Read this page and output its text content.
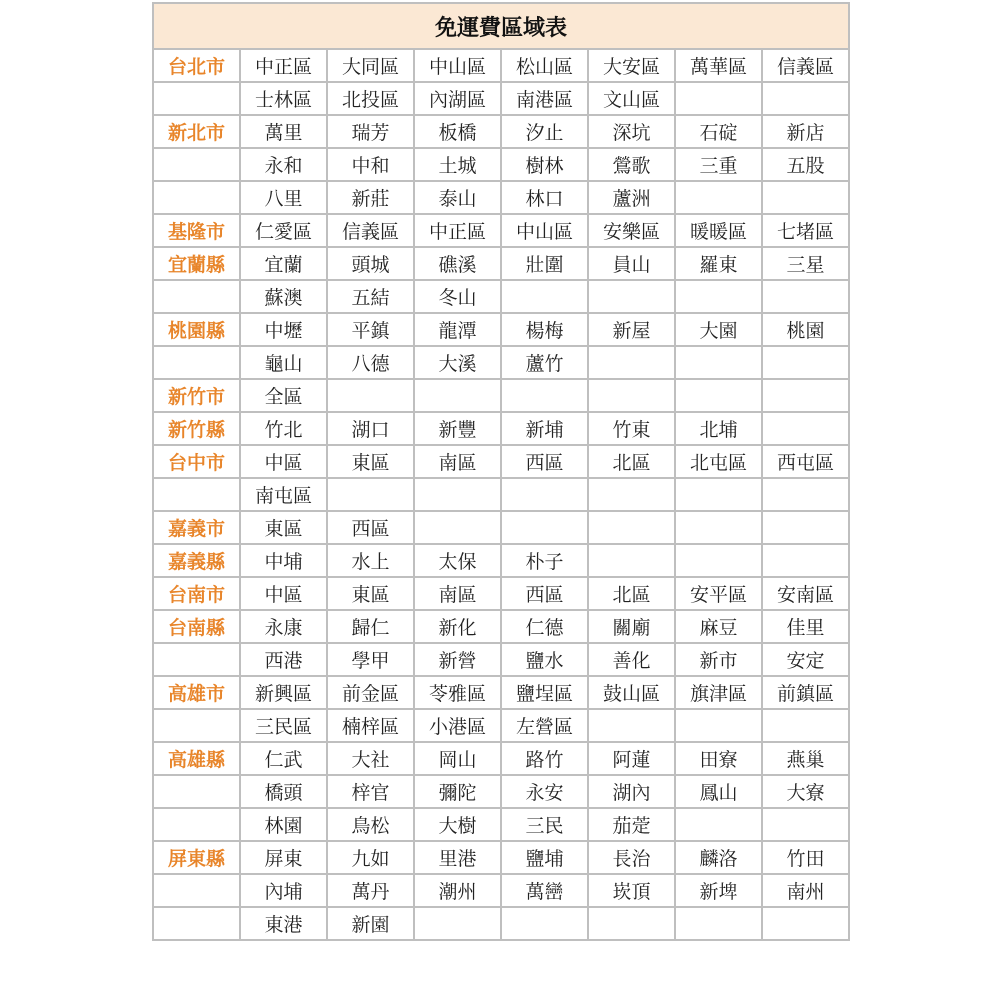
免運費區域表							
台北市	中正區	大同區	中山區	松山區	大安區	萬華區	信義區
	士林區	北投區	內湖區	南港區	文山區		
新北市	萬里	瑞芳	板橋	汐止	深坑	石碇	新店
	永和	中和	土城	樹林	鶯歌	三重	五股
	八里	新莊	泰山	林口	蘆洲		
基隆市	仁愛區	信義區	中正區	中山區	安樂區	暖暖區	七堵區
宜蘭縣	宜蘭	頭城	礁溪	壯圍	員山	羅東	三星
	蘇澳	五結	冬山				
桃園縣	中壢	平鎮	龍潭	楊梅	新屋	大園	桃園
	龜山	八德	大溪	蘆竹			
新竹市	全區						
新竹縣	竹北	湖口	新豐	新埔	竹東	北埔	
台中市	中區	東區	南區	西區	北區	北屯區	西屯區
	南屯區						
嘉義市	東區	西區					
嘉義縣	中埔	水上	太保	朴子			
台南市	中區	東區	南區	西區	北區	安平區	安南區
台南縣	永康	歸仁	新化	仁德	關廟	麻豆	佳里
	西港	學甲	新營	鹽水	善化	新市	安定
高雄市	新興區	前金區	苓雅區	鹽埕區	鼓山區	旗津區	前鎮區
	三民區	楠梓區	小港區	左營區			
高雄縣	仁武	大社	岡山	路竹	阿蓮	田寮	燕巢
	橋頭	梓官	彌陀	永安	湖內	鳳山	大寮
	林園	鳥松	大樹	三民	茄萣		
屏東縣	屏東	九如	里港	鹽埔	長治	麟洛	竹田
	內埔	萬丹	潮州	萬巒	崁頂	新埤	南州
	東港	新園					
